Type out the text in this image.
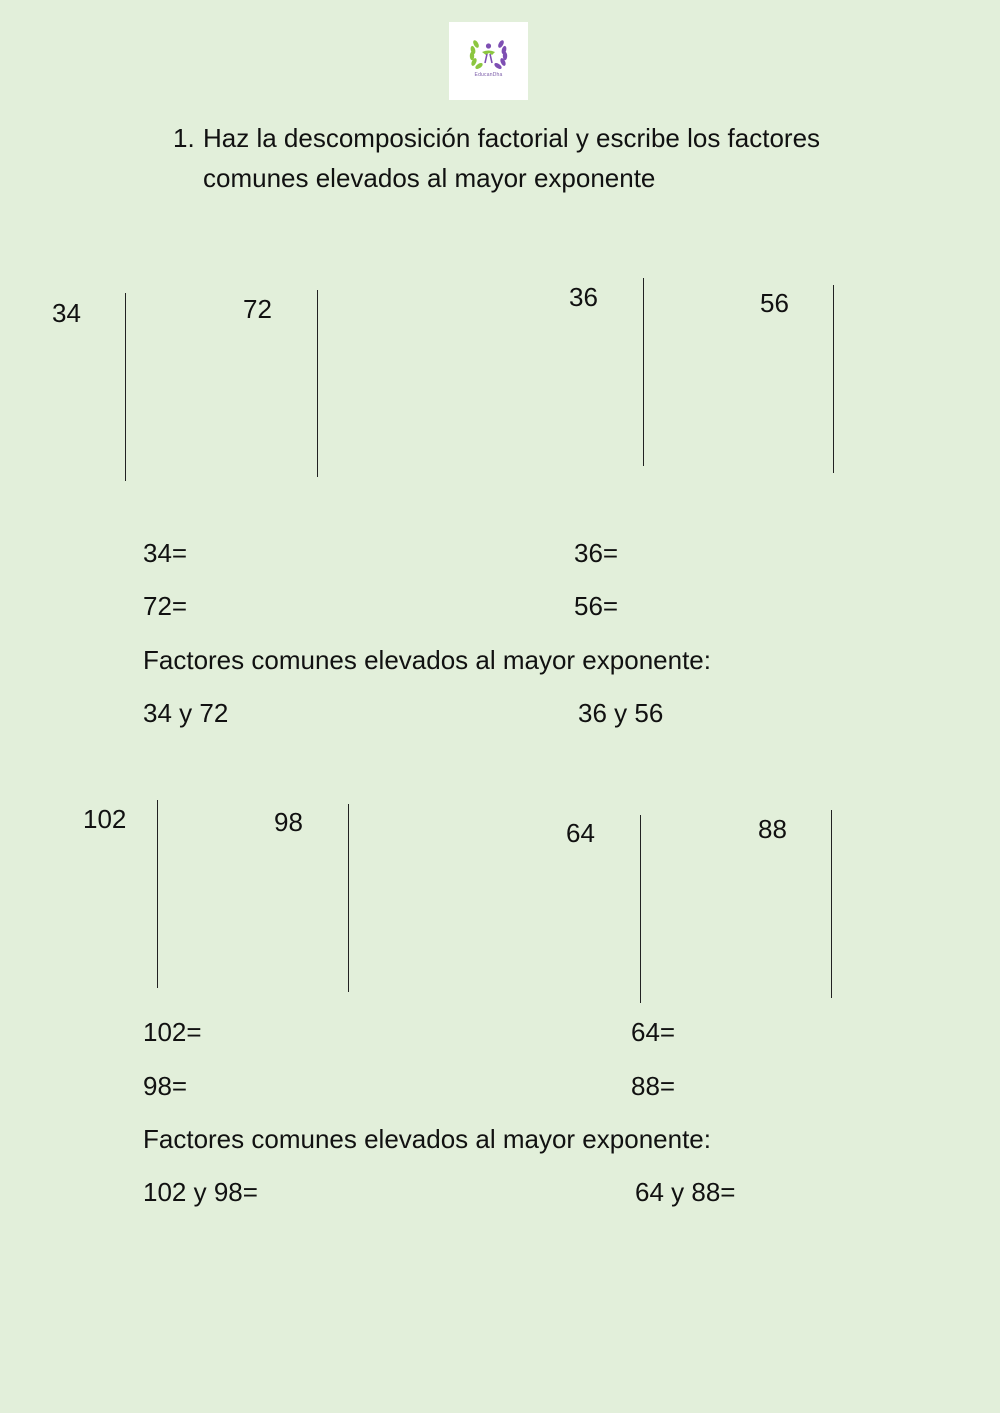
EducanDha
1. Haz la descomposición factorial y escribe los factores comunes elevados al mayor exponente
34	72	36	56
34=	36=
72=	56=
Factores comunes elevados al mayor exponente:
34 y 72	36 y 56
102	98	64	88
102=	64=
98=	88=
Factores comunes elevados al mayor exponente:
102 y 98=	64 y 88=
